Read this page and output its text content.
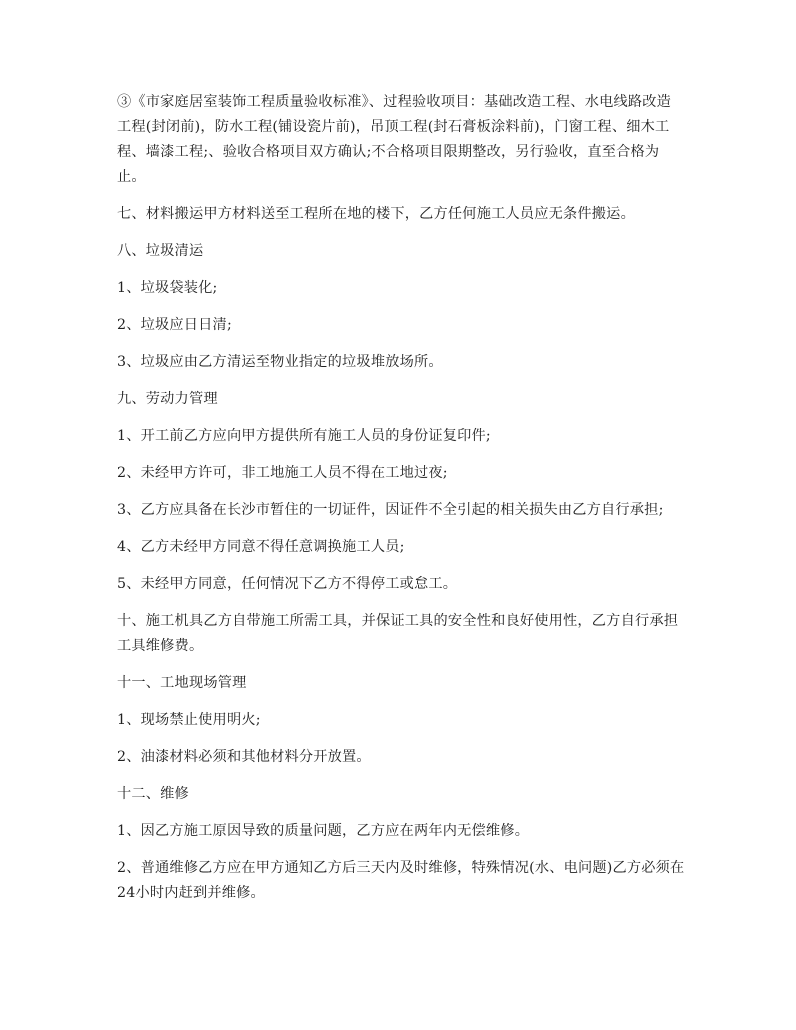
③《市家庭居室装饰工程质量验收标准》、过程验收项目：基础改造工程、水电线路改造工程(封闭前)，防水工程(铺设瓷片前)，吊顶工程(封石膏板涂料前)，门窗工程、细木工程、墙漆工程;、验收合格项目双方确认;不合格项目限期整改，另行验收，直至合格为止。

七、材料搬运甲方材料送至工程所在地的楼下，乙方任何施工人员应无条件搬运。

八、垃圾清运

1、垃圾袋装化;

2、垃圾应日日清;

3、垃圾应由乙方清运至物业指定的垃圾堆放场所。

九、劳动力管理

1、开工前乙方应向甲方提供所有施工人员的身份证复印件;

2、未经甲方许可，非工地施工人员不得在工地过夜;

3、乙方应具备在长沙市暂住的一切证件，因证件不全引起的相关损失由乙方自行承担;

4、乙方未经甲方同意不得任意调换施工人员;

5、未经甲方同意，任何情况下乙方不得停工或怠工。

十、施工机具乙方自带施工所需工具，并保证工具的安全性和良好使用性，乙方自行承担工具维修费。

十一、工地现场管理

1、现场禁止使用明火;

2、油漆材料必须和其他材料分开放置。

十二、维修

1、因乙方施工原因导致的质量问题，乙方应在两年内无偿维修。

2、普通维修乙方应在甲方通知乙方后三天内及时维修，特殊情况(水、电问题)乙方必须在24小时内赶到并维修。
